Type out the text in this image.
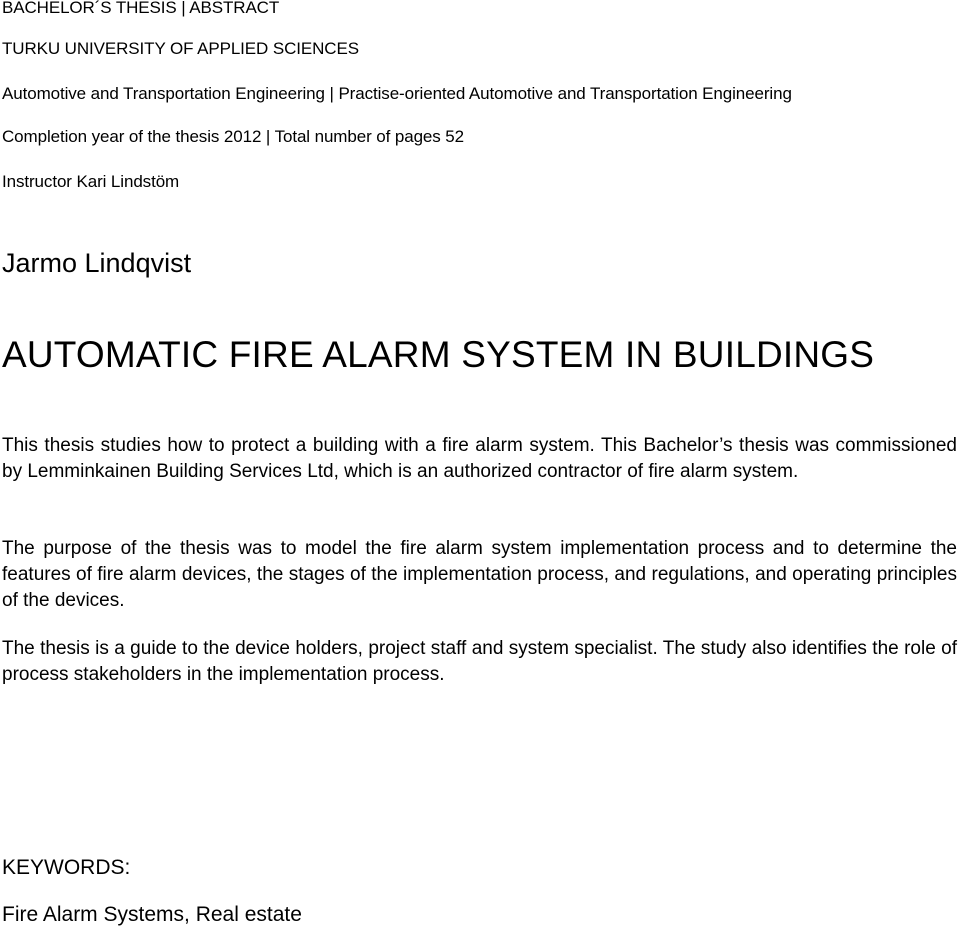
BACHELOR´S THESIS | ABSTRACT

TURKU UNIVERSITY OF APPLIED SCIENCES

Automotive and Transportation Engineering | Practise-oriented Automotive and Transportation Engineering

Completion year of the thesis 2012 | Total number of pages 52

Instructor Kari Lindstöm

Jarmo Lindqvist

AUTOMATIC FIRE ALARM SYSTEM IN BUILDINGS

This thesis studies how to protect a building with a fire alarm system. This Bachelor’s thesis was commissioned by Lemminkainen Building Services Ltd, which is an authorized contractor of fire alarm system.

The purpose of the thesis was to model the fire alarm system implementation process and to determine the features of fire alarm devices, the stages of the implementation process, and regulations, and operating principles of the devices.

The thesis is a guide to the device holders, project staff and system specialist. The study also identifies the role of process stakeholders in the implementation process.

KEYWORDS:

Fire Alarm Systems, Real estate
